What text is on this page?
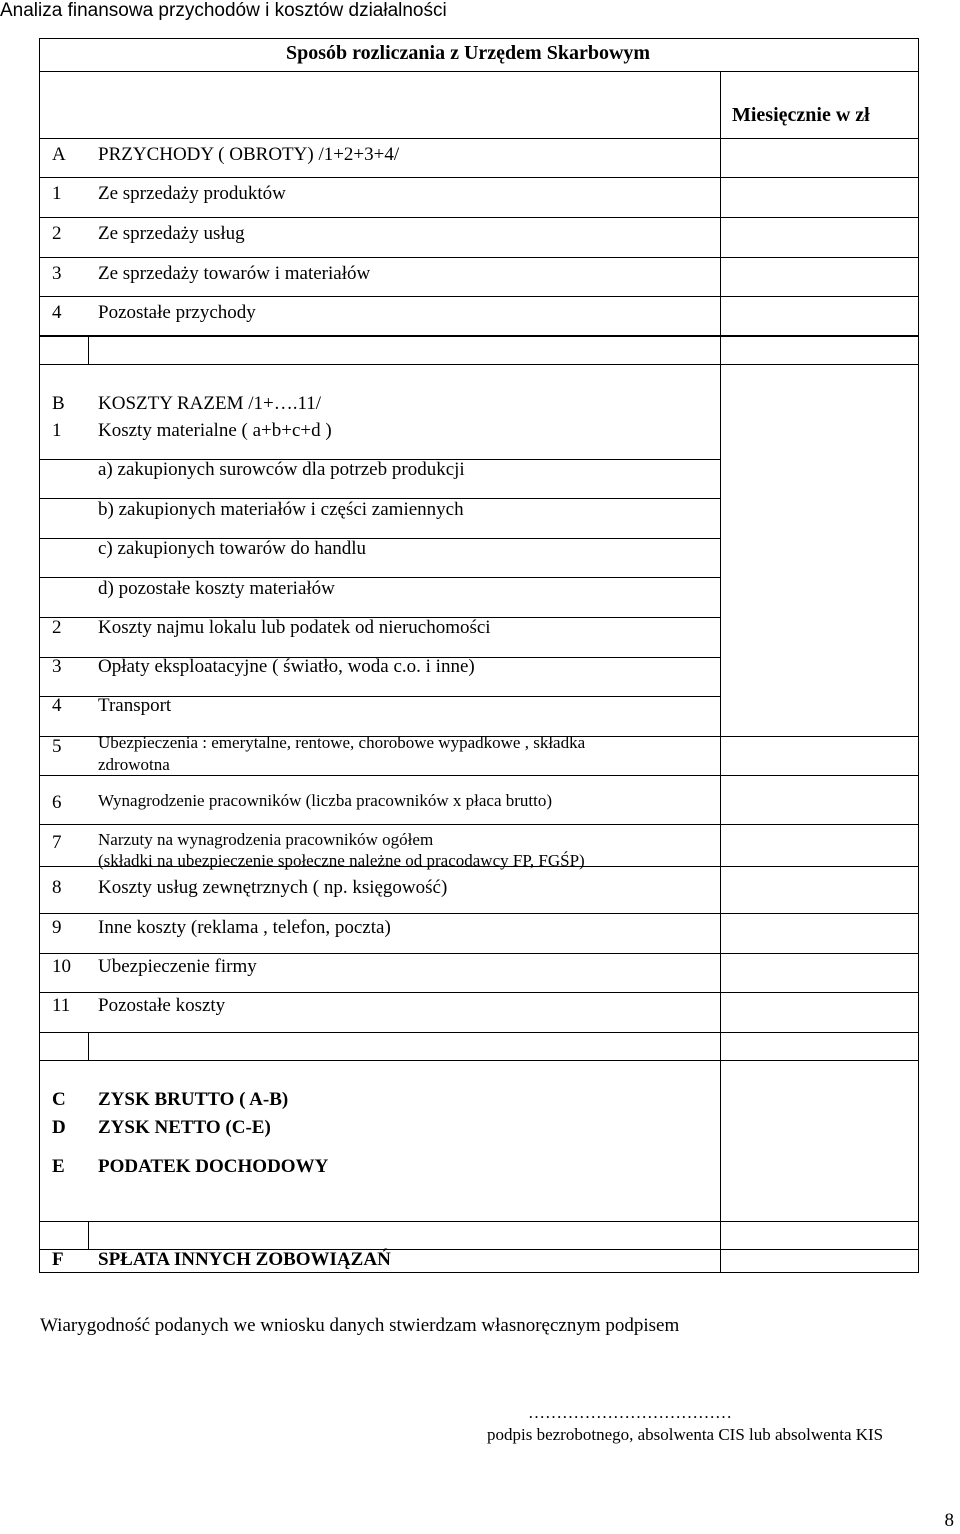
Analiza finansowa przychodów i kosztów działalności
Sposób rozliczania z Urzędem Skarbowym
Miesięcznie w zł
A PRZYCHODY ( OBROTY) /1+2+3+4/
1 Ze sprzedaży produktów
2 Ze sprzedaży usług
3 Ze sprzedaży towarów i materiałów
4 Pozostałe przychody
B KOSZTY RAZEM /1+….11/
1 Koszty materialne ( a+b+c+d )
a) zakupionych surowców dla potrzeb produkcji
b) zakupionych materiałów i części zamiennych
c) zakupionych towarów do handlu
d) pozostałe koszty materiałów
2 Koszty najmu lokalu lub podatek od nieruchomości
3 Opłaty eksploatacyjne ( światło, woda c.o. i inne)
4 Transport
5 Ubezpieczenia : emerytalne, rentowe, chorobowe wypadkowe , składka
zdrowotna
6 Wynagrodzenie pracowników (liczba pracowników x płaca brutto)
7 Narzuty na wynagrodzenia pracowników ogółem
(składki na ubezpieczenie społeczne należne od pracodawcy FP, FGŚP)
8 Koszty usług zewnętrznych ( np. księgowość)
9 Inne koszty (reklama , telefon, poczta)
10 Ubezpieczenie firmy
11 Pozostałe koszty
C ZYSK BRUTTO ( A-B)
D ZYSK NETTO (C-E)
E PODATEK DOCHODOWY
F SPŁATA INNYCH ZOBOWIĄZAŃ
Wiarygodność podanych we wniosku danych stwierdzam własnoręcznym podpisem
………………………………
podpis bezrobotnego, absolwenta CIS lub absolwenta KIS
8
